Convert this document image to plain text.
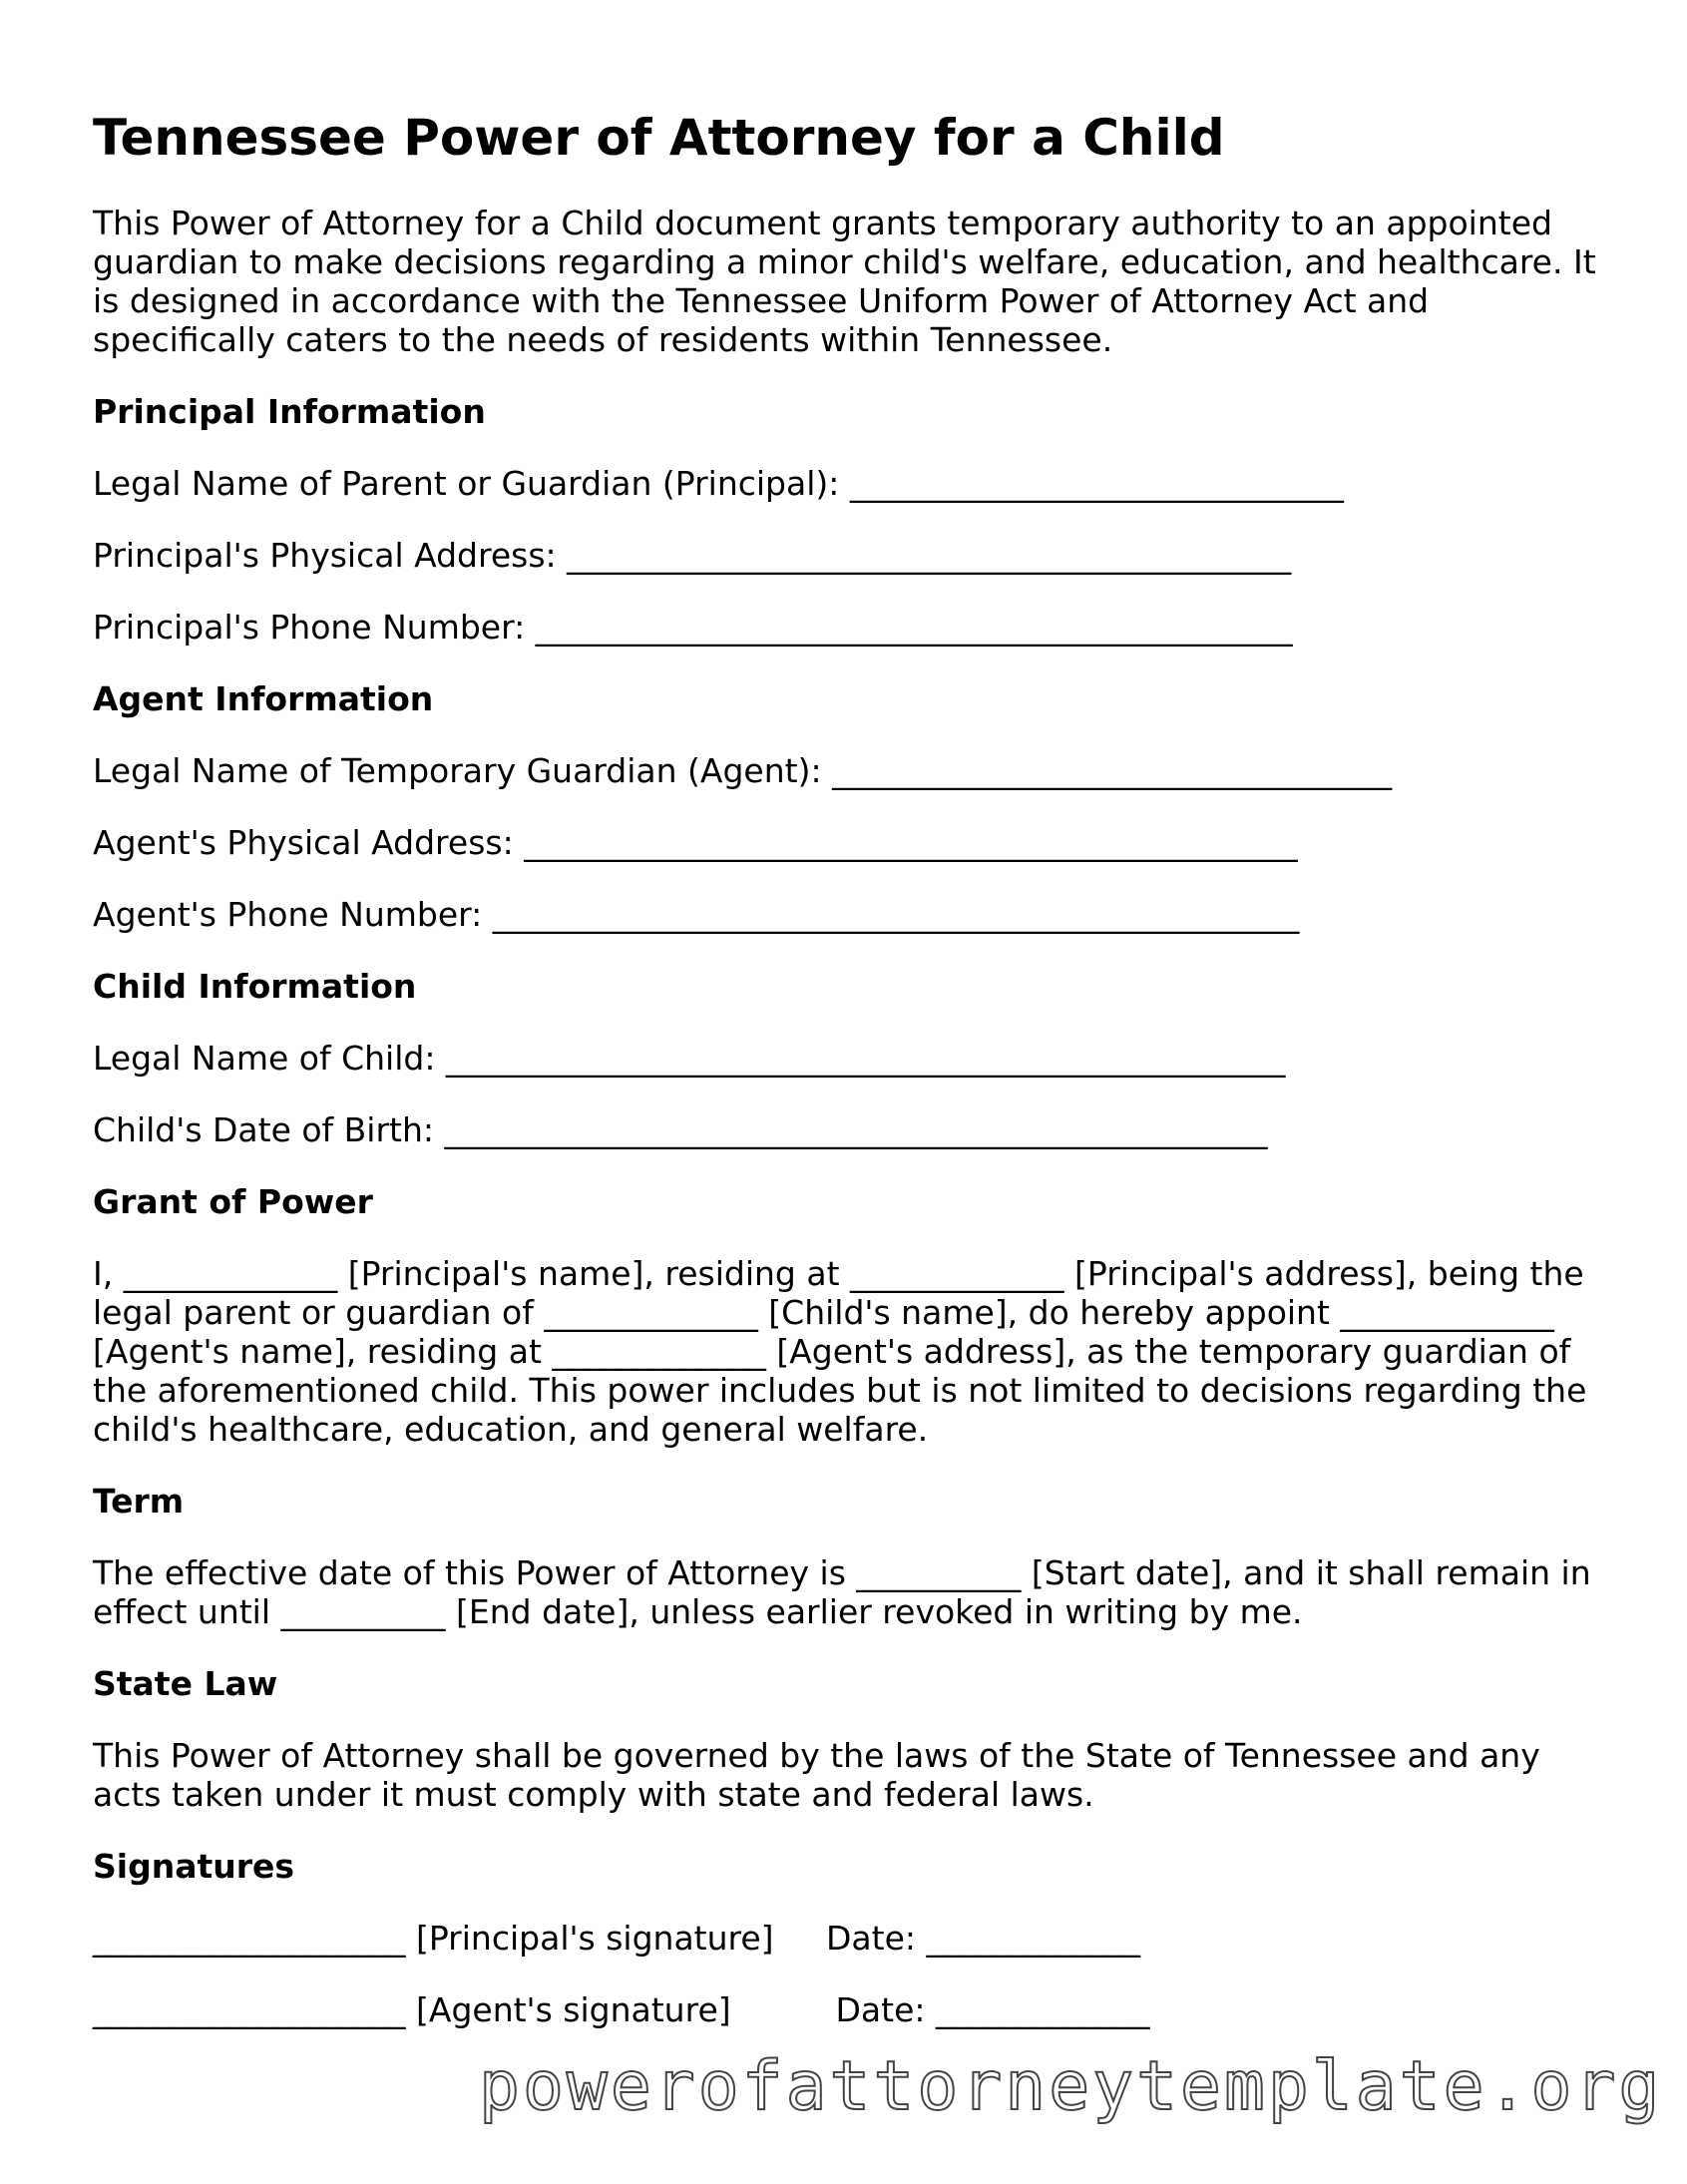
Tennessee Power of Attorney for a Child
This Power of Attorney for a Child document grants temporary authority to an appointed guardian to make decisions regarding a minor child's welfare, education, and healthcare. It is designed in accordance with the Tennessee Uniform Power of Attorney Act and specifically caters to the needs of residents within Tennessee.
Principal Information
Legal Name of Parent or Guardian (Principal): ______________________________
Principal's Physical Address: ____________________________________________
Principal's Phone Number: ______________________________________________
Agent Information
Legal Name of Temporary Guardian (Agent): __________________________________
Agent's Physical Address: _______________________________________________
Agent's Phone Number: _________________________________________________
Child Information
Legal Name of Child: ___________________________________________________
Child's Date of Birth: __________________________________________________
Grant of Power
I, _____________ [Principal's name], residing at _____________ [Principal's address], being the legal parent or guardian of _____________ [Child's name], do hereby appoint _____________ [Agent's name], residing at _____________ [Agent's address], as the temporary guardian of the aforementioned child. This power includes but is not limited to decisions regarding the child's healthcare, education, and general welfare.
Term
The effective date of this Power of Attorney is __________ [Start date], and it shall remain in effect until __________ [End date], unless earlier revoked in writing by me.
State Law
This Power of Attorney shall be governed by the laws of the State of Tennessee and any acts taken under it must comply with state and federal laws.
Signatures
___________________ [Principal's signature]     Date: _____________
___________________ [Agent's signature]          Date: _____________
powerofattorneytemplate.org
